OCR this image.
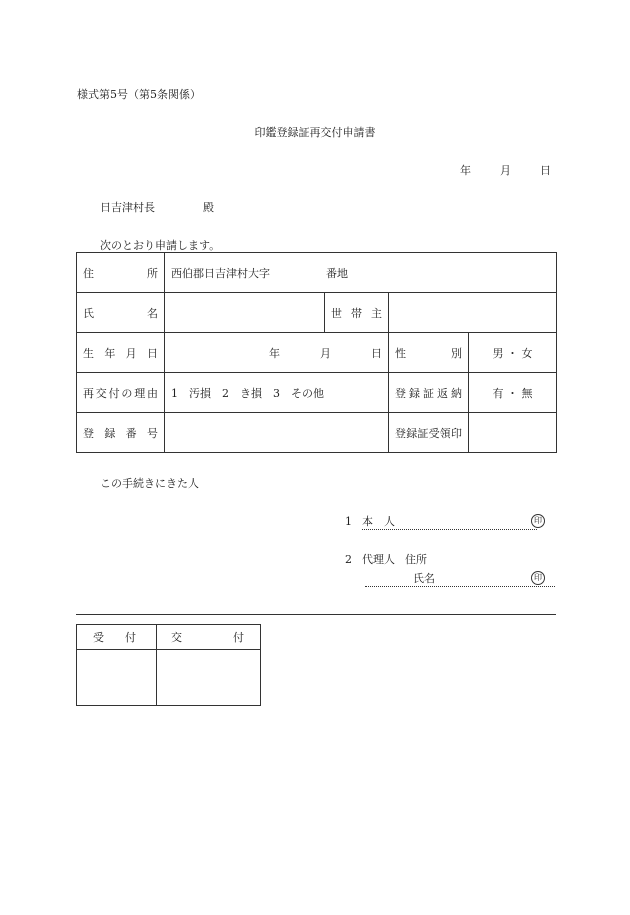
様式第5号（第5条関係）
印鑑登録証再交付申請書
年	月	日
日吉津村長	殿
次のとおり申請します。
住所	西伯郡日吉津村大字 番地			
氏名		世帯主		
生年月日	年 月 日		性別	男 ・ 女
再交付の理由	1　汚損　2　き損　3　その他		登録証返納	有 ・ 無
登録番号			登録証受領印	
この手続きにきた人
1 本　人	印
2 代理人 住所
氏名	印
受付	交付
